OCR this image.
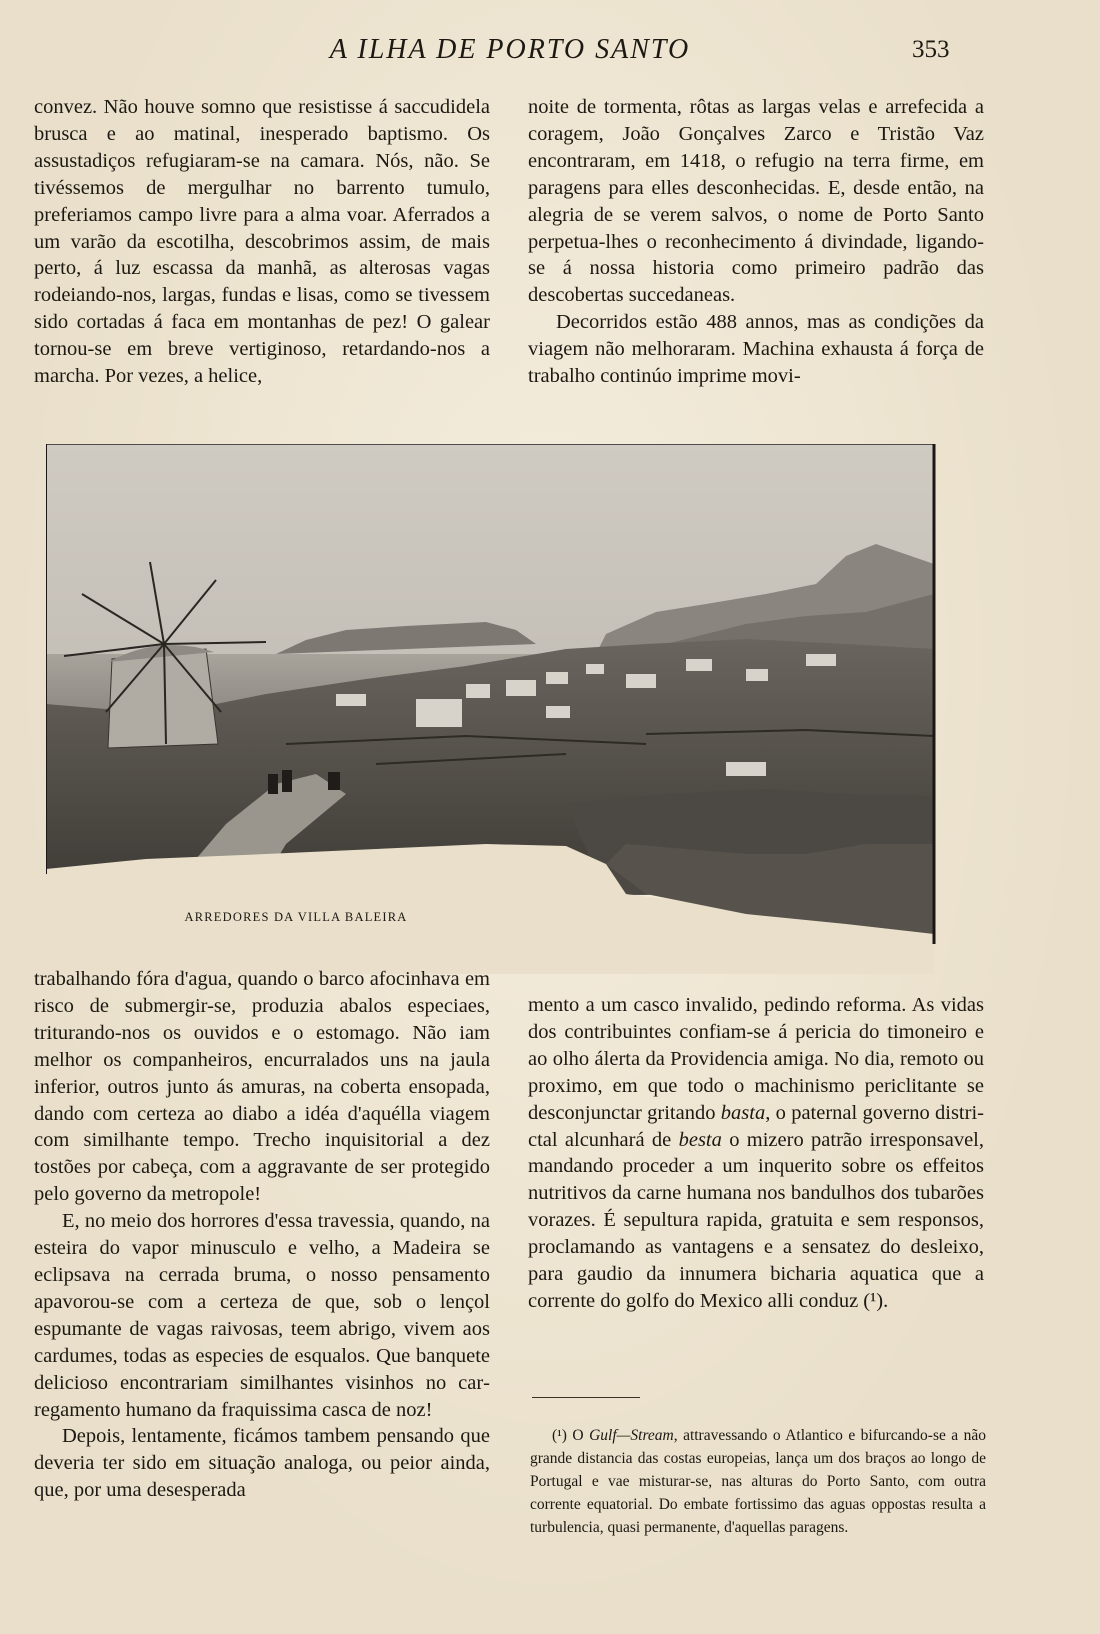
A ILHA DE PORTO SANTO	353

convez. Não houve somno que resistisse á saccudidela brusca e ao matinal, inesperado baptismo. Os assustadiços refugiaram-se na camara. Nós, não. Se tivéssemos de mergulhar no barrento tumulo, preferiamos campo livre para a alma voar. Aferrados a um varão da escotilha, descobrimos assim, de mais perto, á luz escassa da manhã, as alterosas vagas rodeiando-nos, largas, fundas e lisas, como se tivessem sido cortadas á faca em montanhas de pez! O galear tornou-se em breve vertiginoso, retardando-nos a marcha. Por vezes, a helice,

noite de tormenta, rôtas as largas velas e arrefecida a coragem, João Gonçalves Zarco e Tristão Vaz encontraram, em 1418, o refugio na terra firme, em paragens para elles desconhecidas. E, desde então, na alegria de se verem salvos, o nome de Porto Santo perpetua-lhes o reconhecimento á divindade, ligando-se á nossa historia como primeiro padrão das descobertas succedaneas.

Decorridos estão 488 annos, mas as condições da viagem não melhoraram. Machina exhausta á força de trabalho continúo imprime movi-

ARREDORES DA VILLA BALEIRA

trabalhando fóra d'agua, quando o barco afocinhava em risco de submergir-se, produzia abalos especiaes, triturando-nos os ouvidos e o estomago. Não iam melhor os companheiros, encurralados uns na jaula inferior, outros junto ás amuras, na coberta ensopada, dando com certeza ao diabo a idéa d'aquélla viagem com similhante tempo. Trecho inquisitorial a dez tostões por cabeça, com a aggravante de ser protegido pelo governo da metropole!

E, no meio dos horrores d'essa travessia, quando, na esteira do vapor minusculo e velho, a Madeira se eclipsava na cerrada bruma, o nosso pensamento apavorou-se com a certeza de que, sob o lençol espumante de vagas raivosas, teem abrigo, vivem aos cardumes, todas as especies de esqualos. Que banquete delicioso encontrariam similhantes visinhos no carregamento humano da fraquissima casca de noz!

Depois, lentamente, ficámos tambem pensando que deveria ter sido em situação analoga, ou peior ainda, que, por uma desesperada

mento a um casco invalido, pedindo reforma. As vidas dos contribuintes confiam-se á pericia do timoneiro e ao olho álerta da Providencia amiga. No dia, remoto ou proximo, em que todo o machinismo periclitante se desconjunctar gritando basta, o paternal governo districtal alcunhará de besta o mizero patrão irresponsavel, mandando proceder a um inquerito sobre os effeitos nutritivos da carne humana nos bandulhos dos tubarões vorazes. É sepultura rapida, gratuita e sem responsos, proclamando as vantagens e a sensatez do desleixo, para gaudio da innumera bicharia aquatica que a corrente do golfo do Mexico alli conduz (¹).

(¹) O Gulf—Stream, attravessando o Atlantico e bifurcando-se a não grande distancia das costas europeias, lança um dos braços ao longo de Portugal e vae misturar-se, nas alturas do Porto Santo, com outra corrente equatorial. Do embate fortissimo das aguas oppostas resulta a turbulencia, quasi permanente, d'aquellas paragens.
